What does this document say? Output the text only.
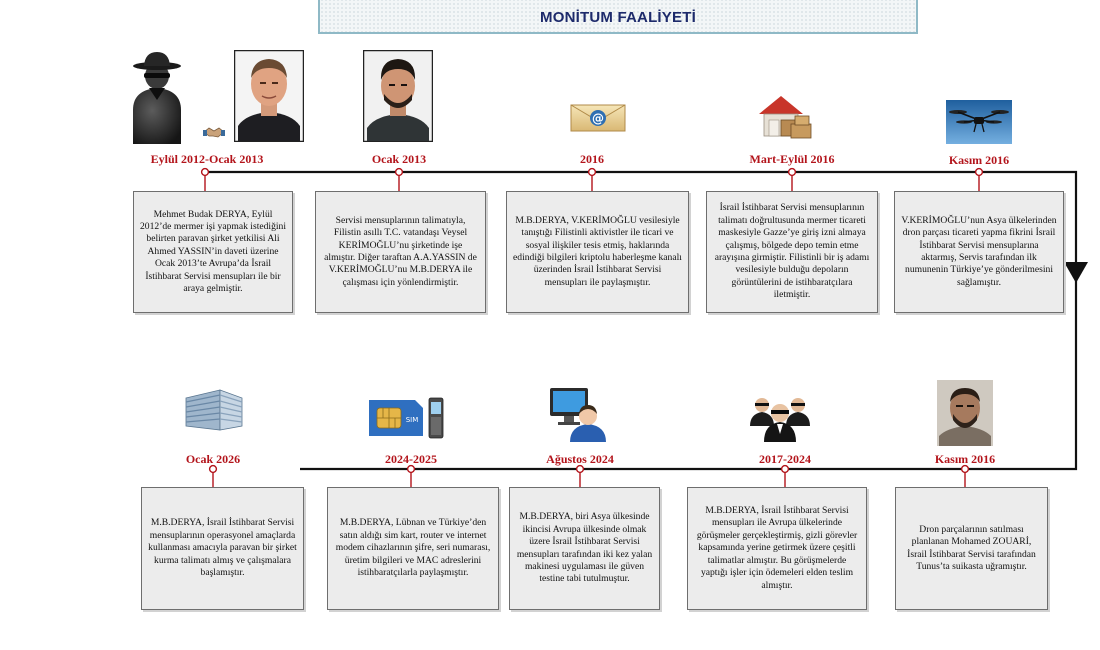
MONİTUM FAALİYETİ
@
SIM
Eylül 2012-Ocak 2013	Ocak 2013	2016	Mart-Eylül 2016	Kasım 2016
Mehmet Budak DERYA, Eylül 2012’de mermer işi yapmak istediğini belirten paravan şirket yetkilisi Ali Ahmed YASSIN’in daveti üzerine Ocak 2013’te Avrupa’da İsrail İstihbarat Servisi mensupları ile bir araya gelmiştir.
Servisi mensuplarının talimatıyla, Filistin asıllı T.C. vatandaşı Veysel KERİMOĞLU’nu şirketinde işe almıştır. Diğer taraftan A.A.YASSIN de V.KERİMOĞLU’nu M.B.DERYA ile çalışması için yönlendirmiştir.
M.B.DERYA, V.KERİMOĞLU vesilesiyle tanıştığı Filistinli aktivistler ile ticari ve sosyal ilişkiler tesis etmiş, haklarında edindiği bilgileri kriptolu haberleşme kanalı üzerinden İsrail İstihbarat Servisi mensupları ile paylaşmıştır.
İsrail İstihbarat Servisi mensuplarının talimatı doğrultusunda mermer ticareti maskesiyle Gazze’ye giriş izni almaya çalışmış, bölgede depo temin etme arayışına girmiştir. Filistinli bir iş adamı vesilesiyle bulduğu depoların görüntülerini de istihbaratçılara iletmiştir.
V.KERİMOĞLU’nun Asya ülkelerinden dron parçası ticareti yapma fikrini İsrail İstihbarat Servisi mensuplarına aktarmış, Servis tarafından ilk numunenin Türkiye’ye gönderilmesini sağlamıştır.
Ocak 2026	2024-2025	Ağustos 2024	2017-2024	Kasım 2016
M.B.DERYA, İsrail İstihbarat Servisi mensuplarının operasyonel amaçlarda kullanması amacıyla paravan bir şirket kurma talimatı almış ve çalışmalara başlamıştır.
M.B.DERYA, Lübnan ve Türkiye’den satın aldığı sim kart, router ve internet modem cihazlarının şifre, seri numarası, üretim bilgileri ve MAC adreslerini istihbaratçılarla paylaşmıştır.
M.B.DERYA, biri Asya ülkesinde ikincisi Avrupa ülkesinde olmak üzere İsrail İstihbarat Servisi mensupları tarafından iki kez yalan makinesi uygulaması ile güven testine tabi tutulmuştur.
M.B.DERYA, İsrail İstihbarat Servisi mensupları ile Avrupa ülkelerinde görüşmeler gerçekleştirmiş, gizli görevler kapsamında yerine getirmek üzere çeşitli talimatlar almıştır. Bu görüşmelerde yaptığı işler için ödemeleri elden teslim almıştır.
Dron parçalarının satılması planlanan Mohamed ZOUARİ, İsrail İstihbarat Servisi tarafından Tunus’ta suikasta uğramıştır.
